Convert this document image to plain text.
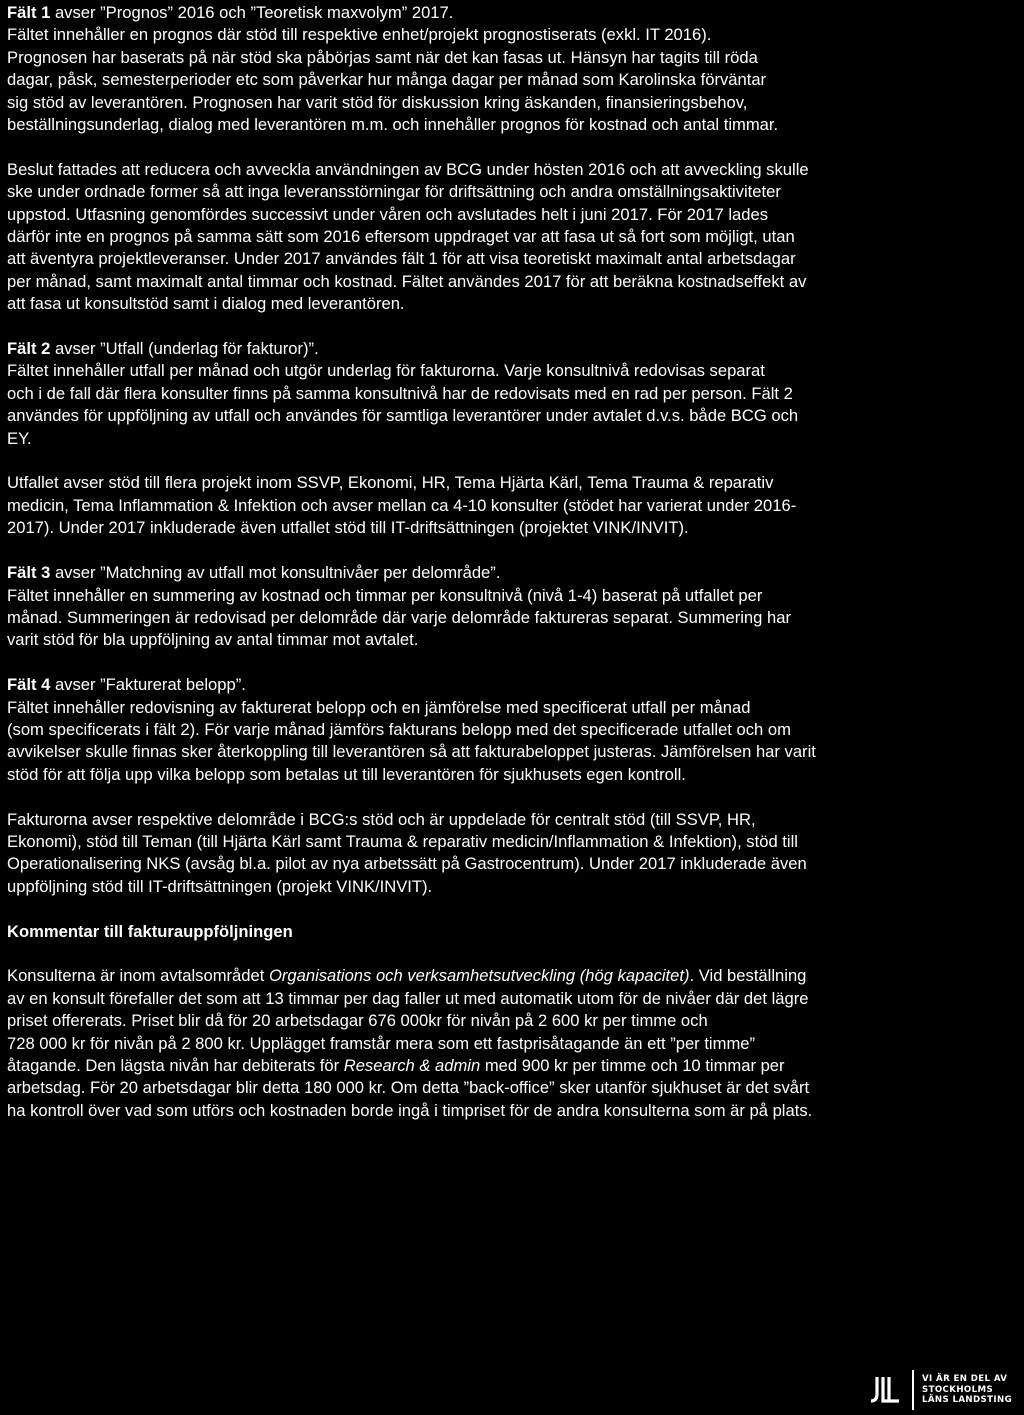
Fält 1 avser ”Prognos” 2016 och ”Teoretisk maxvolym” 2017.

Fältet innehåller en prognos där stöd till respektive enhet/projekt prognostiserats (exkl. IT 2016).

Prognosen har baserats på när stöd ska påbörjas samt när det kan fasas ut. Hänsyn har tagits till röda

dagar, påsk, semesterperioder etc som påverkar hur många dagar per månad som Karolinska förväntar

sig stöd av leverantören. Prognosen har varit stöd för diskussion kring äskanden, finansieringsbehov,

beställningsunderlag, dialog med leverantören m.m. och innehåller prognos för kostnad och antal timmar.

Beslut fattades att reducera och avveckla användningen av BCG under hösten 2016 och att avveckling skulle

ske under ordnade former så att inga leveransstörningar för driftsättning och andra omställningsaktiviteter

uppstod. Utfasning genomfördes successivt under våren och avslutades helt i juni 2017. För 2017 lades

därför inte en prognos på samma sätt som 2016 eftersom uppdraget var att fasa ut så fort som möjligt, utan

att äventyra projektleveranser. Under 2017 användes fält 1 för att visa teoretiskt maximalt antal arbetsdagar

per månad, samt maximalt antal timmar och kostnad. Fältet användes 2017 för att beräkna kostnadseffekt av

att fasa ut konsultstöd samt i dialog med leverantören.

Fält 2 avser ”Utfall (underlag för fakturor)”.

Fältet innehåller utfall per månad och utgör underlag för fakturorna. Varje konsultnivå redovisas separat

och i de fall där flera konsulter finns på samma konsultnivå har de redovisats med en rad per person. Fält 2

användes för uppföljning av utfall och användes för samtliga leverantörer under avtalet d.v.s. både BCG och

EY.

Utfallet avser stöd till flera projekt inom SSVP, Ekonomi, HR, Tema Hjärta Kärl, Tema Trauma & reparativ

medicin, Tema Inflammation & Infektion och avser mellan ca 4-10 konsulter (stödet har varierat under 2016-

2017). Under 2017 inkluderade även utfallet stöd till IT-driftsättningen (projektet VINK/INVIT).

Fält 3 avser ”Matchning av utfall mot konsultnivåer per delområde”.

Fältet innehåller en summering av kostnad och timmar per konsultnivå (nivå 1-4) baserat på utfallet per

månad. Summeringen är redovisad per delområde där varje delområde faktureras separat. Summering har

varit stöd för bla uppföljning av antal timmar mot avtalet.

Fält 4 avser ”Fakturerat belopp”.

Fältet innehåller redovisning av fakturerat belopp och en jämförelse med specificerat utfall per månad

(som specificerats i fält 2). För varje månad jämförs fakturans belopp med det specificerade utfallet och om

avvikelser skulle finnas sker återkoppling till leverantören så att fakturabeloppet justeras. Jämförelsen har varit

stöd för att följa upp vilka belopp som betalas ut till leverantören för sjukhusets egen kontroll.

Fakturorna avser respektive delområde i BCG:s stöd och är uppdelade för centralt stöd (till SSVP, HR,

Ekonomi), stöd till Teman (till Hjärta Kärl samt Trauma & reparativ medicin/Inflammation & Infektion), stöd till

Operationalisering NKS (avsåg bl.a. pilot av nya arbetssätt på Gastrocentrum). Under 2017 inkluderade även

uppföljning stöd till IT-driftsättningen (projekt VINK/INVIT).

Kommentar till fakturauppföljningen

Konsulterna är inom avtalsområdet Organisations och verksamhetsutveckling (hög kapacitet). Vid beställning

av en konsult förefaller det som att 13 timmar per dag faller ut med automatik utom för de nivåer där det lägre

priset offererats. Priset blir då för 20 arbetsdagar 676 000kr för nivån på 2 600 kr per timme och

728 000 kr för nivån på 2 800 kr. Upplägget framstår mera som ett fastprisåtagande än ett ”per timme”

åtagande. Den lägsta nivån har debiterats för Research & admin med 900 kr per timme och 10 timmar per

arbetsdag. För 20 arbetsdagar blir detta 180 000 kr. Om detta ”back-office” sker utanför sjukhuset är det svårt

ha kontroll över vad som utförs och kostnaden borde ingå i timpriset för de andra konsulterna som är på plats.

VI ÄR EN DEL AV
STOCKHOLMS
LÄNS LANDSTING
